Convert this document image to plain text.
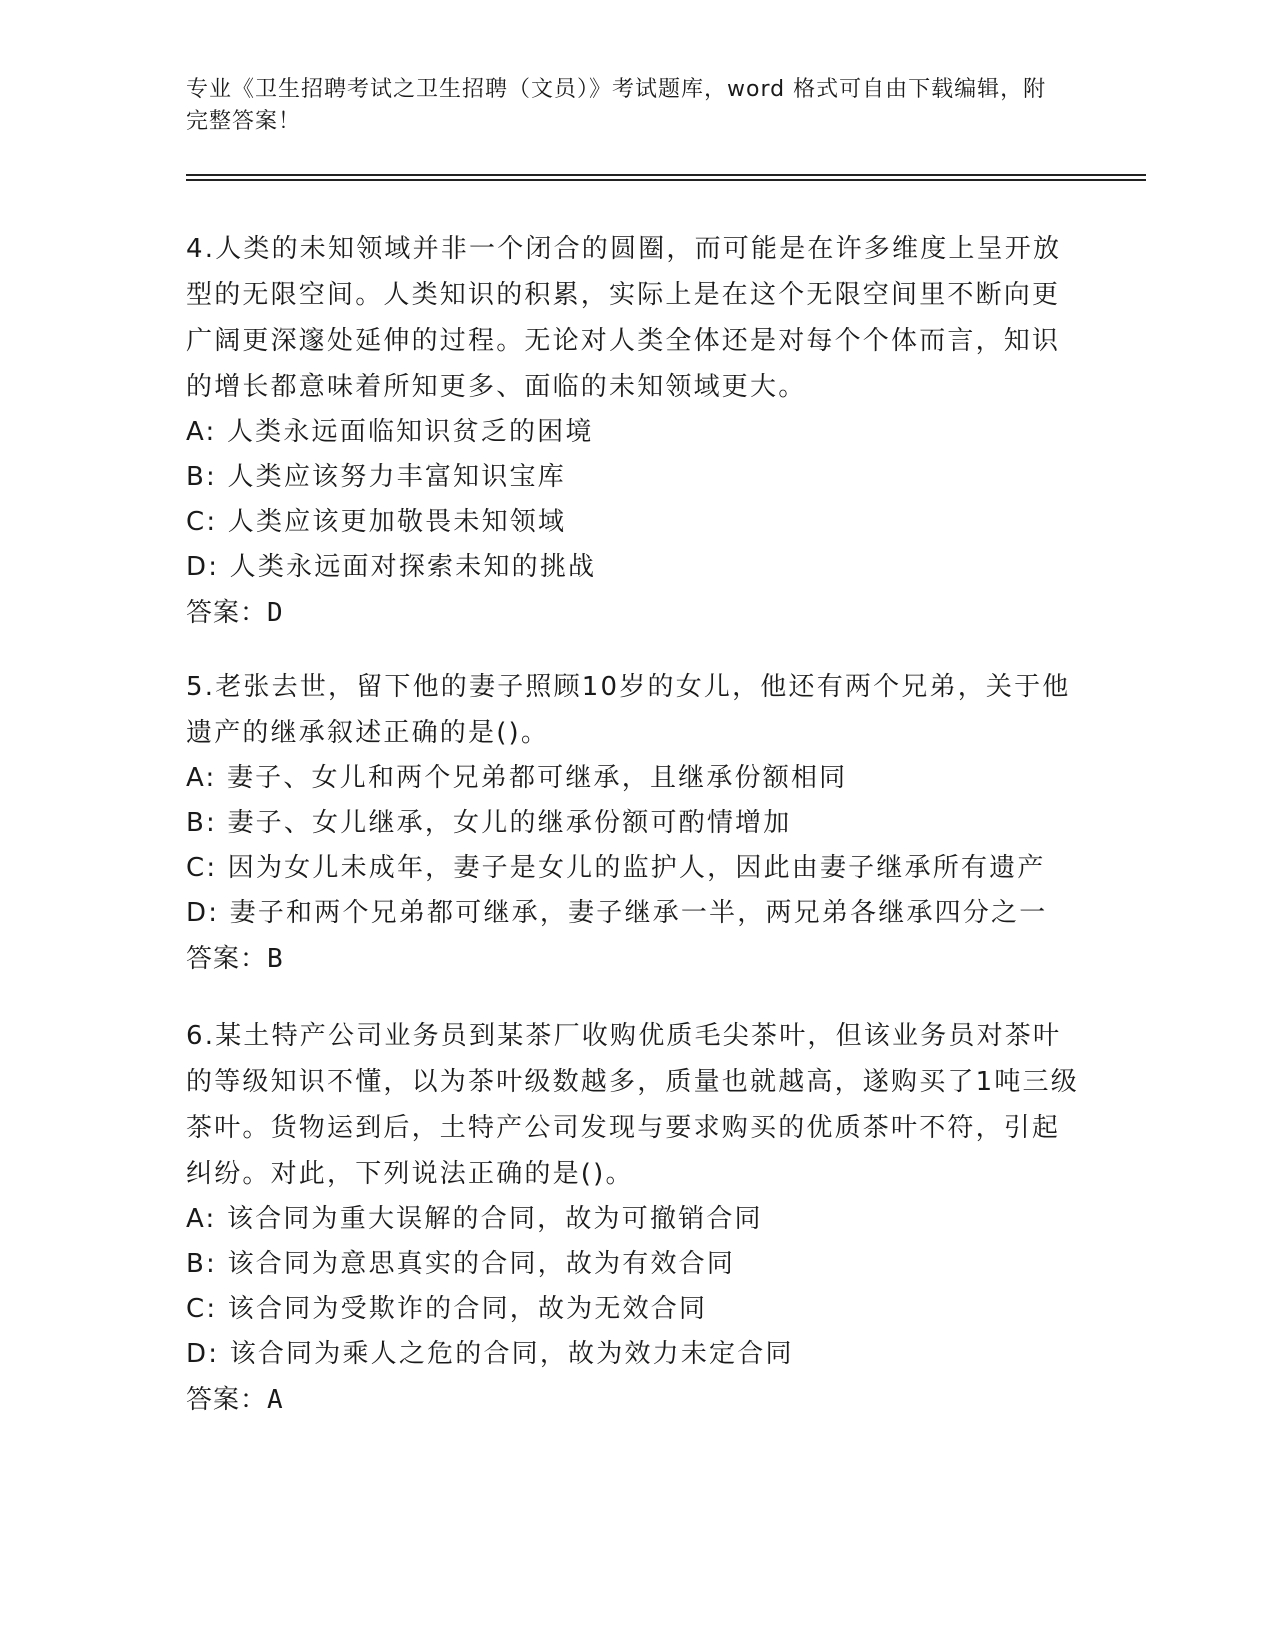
专业《卫生招聘考试之卫生招聘（文员）》考试题库，word 格式可自由下载编辑，附完整答案！
4.人类的未知领域并非一个闭合的圆圈，而可能是在许多维度上呈开放型的无限空间。人类知识的积累，实际上是在这个无限空间里不断向更广阔更深邃处延伸的过程。无论对人类全体还是对每个个体而言，知识的增长都意味着所知更多、面临的未知领域更大。
A: 人类永远面临知识贫乏的困境
B: 人类应该努力丰富知识宝库
C: 人类应该更加敬畏未知领域
D: 人类永远面对探索未知的挑战
答案：D
5.老张去世，留下他的妻子照顾10岁的女儿，他还有两个兄弟，关于他遗产的继承叙述正确的是()。
A: 妻子、女儿和两个兄弟都可继承，且继承份额相同
B: 妻子、女儿继承，女儿的继承份额可酌情增加
C: 因为女儿未成年，妻子是女儿的监护人，因此由妻子继承所有遗产
D: 妻子和两个兄弟都可继承，妻子继承一半，两兄弟各继承四分之一
答案：B
6.某土特产公司业务员到某茶厂收购优质毛尖茶叶，但该业务员对茶叶的等级知识不懂，以为茶叶级数越多，质量也就越高，遂购买了1吨三级茶叶。货物运到后，土特产公司发现与要求购买的优质茶叶不符，引起纠纷。对此，下列说法正确的是()。
A: 该合同为重大误解的合同，故为可撤销合同
B: 该合同为意思真实的合同，故为有效合同
C: 该合同为受欺诈的合同，故为无效合同
D: 该合同为乘人之危的合同，故为效力未定合同
答案：A
